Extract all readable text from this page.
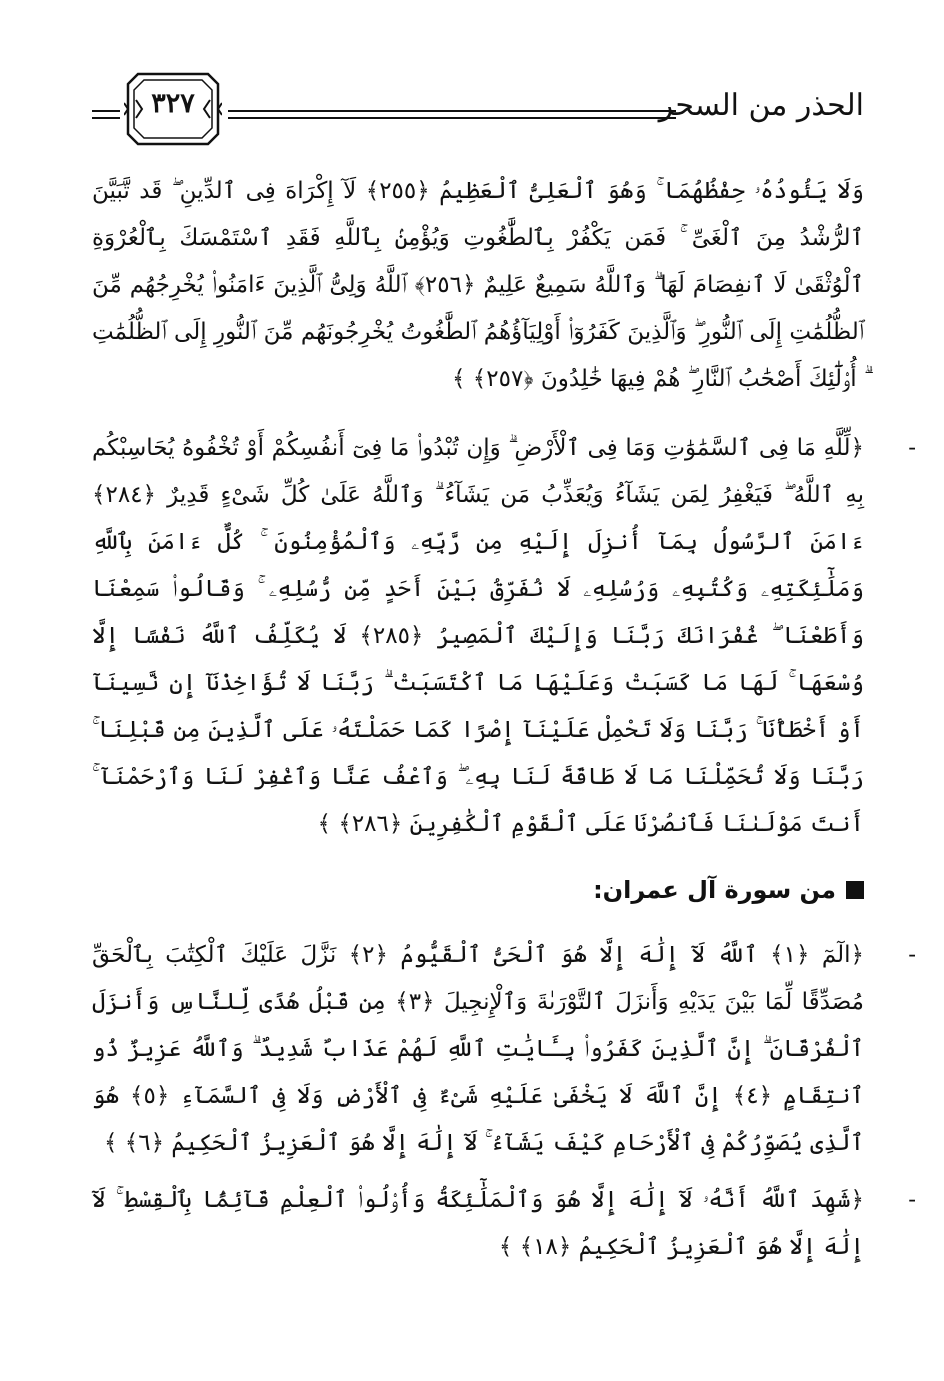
الحذر من السحر
٣٢٧

وَلَا يَئُودُهُۥ حِفْظُهُمَا ۚ وَهُوَ ٱلْعَلِىُّ ٱلْعَظِيمُ ﴿٢٥٥﴾ لَآ إِكْرَاهَ فِى ٱلدِّينِ ۖ قَد تَّبَيَّنَ ٱلرُّشْدُ مِنَ ٱلْغَىِّ ۚ فَمَن يَكْفُرْ بِٱلطَّٰغُوتِ وَيُؤْمِنۢ بِٱللَّهِ فَقَدِ ٱسْتَمْسَكَ بِٱلْعُرْوَةِ ٱلْوُثْقَىٰ لَا ٱنفِصَامَ لَهَا ۗ وَٱللَّهُ سَمِيعٌ عَلِيمٌ ﴿٢٥٦﴾ ٱللَّهُ وَلِىُّ ٱلَّذِينَ ءَامَنُوا۟ يُخْرِجُهُم مِّنَ ٱلظُّلُمَٰتِ إِلَى ٱلنُّورِ ۖ وَٱلَّذِينَ كَفَرُوٓا۟ أَوْلِيَآؤُهُمُ ٱلطَّٰغُوتُ يُخْرِجُونَهُم مِّنَ ٱلنُّورِ إِلَى ٱلظُّلُمَٰتِ ۗ أُو۟لَٰٓئِكَ أَصْحَٰبُ ٱلنَّارِ ۖ هُمْ فِيهَا خَٰلِدُونَ ﴿٢٥٧﴾ ﴾

-

﴿لِّلَّهِ مَا فِى ٱلسَّمَٰوَٰتِ وَمَا فِى ٱلْأَرْضِ ۗ وَإِن تُبْدُوا۟ مَا فِىٓ أَنفُسِكُمْ أَوْ تُخْفُوهُ يُحَاسِبْكُم بِهِ ٱللَّهُ ۖ فَيَغْفِرُ لِمَن يَشَآءُ وَيُعَذِّبُ مَن يَشَآءُ ۗ وَٱللَّهُ عَلَىٰ كُلِّ شَىْءٍ قَدِيرٌ ﴿٢٨٤﴾ ءَامَنَ ٱلرَّسُولُ بِمَآ أُنزِلَ إِلَيْهِ مِن رَّبِّهِۦ وَٱلْمُؤْمِنُونَ ۚ كُلٌّ ءَامَنَ بِٱللَّهِ وَمَلَٰٓئِكَتِهِۦ وَكُتُبِهِۦ وَرُسُلِهِۦ لَا نُفَرِّقُ بَيْنَ أَحَدٍ مِّن رُّسُلِهِۦ ۚ وَقَالُوا۟ سَمِعْنَا وَأَطَعْنَا ۖ غُفْرَانَكَ رَبَّنَا وَإِلَيْكَ ٱلْمَصِيرُ ﴿٢٨٥﴾ لَا يُكَلِّفُ ٱللَّهُ نَفْسًا إِلَّا وُسْعَهَا ۚ لَهَا مَا كَسَبَتْ وَعَلَيْهَا مَا ٱكْتَسَبَتْ ۗ رَبَّنَا لَا تُؤَاخِذْنَآ إِن نَّسِينَآ أَوْ أَخْطَأْنَا ۚ رَبَّنَا وَلَا تَحْمِلْ عَلَيْنَآ إِصْرًا كَمَا حَمَلْتَهُۥ عَلَى ٱلَّذِينَ مِن قَبْلِنَا ۚ رَبَّنَا وَلَا تُحَمِّلْنَا مَا لَا طَاقَةَ لَنَا بِهِۦ ۖ وَٱعْفُ عَنَّا وَٱغْفِرْ لَنَا وَٱرْحَمْنَآ ۚ أَنتَ مَوْلَىٰنَا فَٱنصُرْنَا عَلَى ٱلْقَوْمِ ٱلْكَٰفِرِينَ ﴿٢٨٦﴾ ﴾

من سورة آل عمران:
-

﴿الٓمٓ ﴿١﴾ ٱللَّهُ لَآ إِلَٰهَ إِلَّا هُوَ ٱلْحَىُّ ٱلْقَيُّومُ ﴿٢﴾ نَزَّلَ عَلَيْكَ ٱلْكِتَٰبَ بِٱلْحَقِّ مُصَدِّقًا لِّمَا بَيْنَ يَدَيْهِ وَأَنزَلَ ٱلتَّوْرَىٰةَ وَٱلْإِنجِيلَ ﴿٣﴾ مِن قَبْلُ هُدًى لِّلنَّاسِ وَأَنزَلَ ٱلْفُرْقَانَ ۗ إِنَّ ٱلَّذِينَ كَفَرُوا۟ بِـَٔايَٰتِ ٱللَّهِ لَهُمْ عَذَابٌ شَدِيدٌ ۗ وَٱللَّهُ عَزِيزٌ ذُو ٱنتِقَامٍ ﴿٤﴾ إِنَّ ٱللَّهَ لَا يَخْفَىٰ عَلَيْهِ شَىْءٌ فِى ٱلْأَرْضِ وَلَا فِى ٱلسَّمَآءِ ﴿٥﴾ هُوَ ٱلَّذِى يُصَوِّرُكُمْ فِى ٱلْأَرْحَامِ كَيْفَ يَشَآءُ ۚ لَآ إِلَٰهَ إِلَّا هُوَ ٱلْعَزِيزُ ٱلْحَكِيمُ ﴿٦﴾ ﴾

-

﴿شَهِدَ ٱللَّهُ أَنَّهُۥ لَآ إِلَٰهَ إِلَّا هُوَ وَٱلْمَلَٰٓئِكَةُ وَأُو۟لُوا۟ ٱلْعِلْمِ قَآئِمًۢا بِٱلْقِسْطِ ۚ لَآ إِلَٰهَ إِلَّا هُوَ ٱلْعَزِيزُ ٱلْحَكِيمُ ﴿١٨﴾ ﴾
